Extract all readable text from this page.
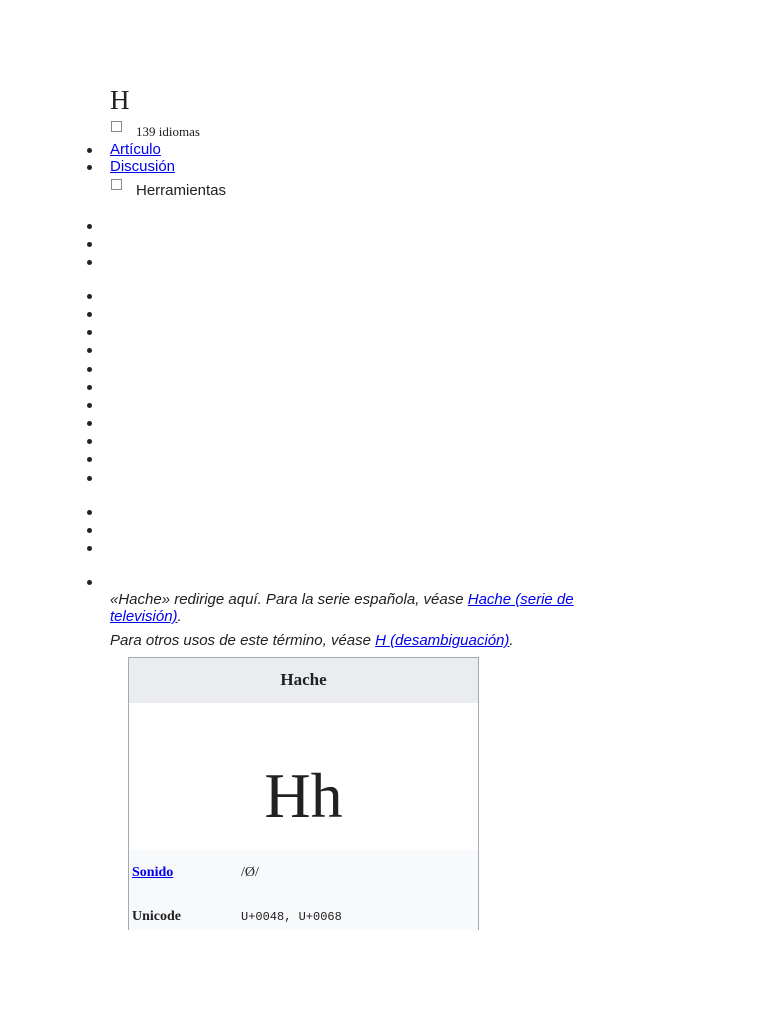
H
139 idiomas
Artículo
Discusión
Herramientas
«Hache» redirige aquí. Para la serie española, véase Hache (serie de
televisión).
Para otros usos de este término, véase H (desambiguación).
Hache
Hh
Sonido	/Ø/
Unicode	U+0048, U+0068
